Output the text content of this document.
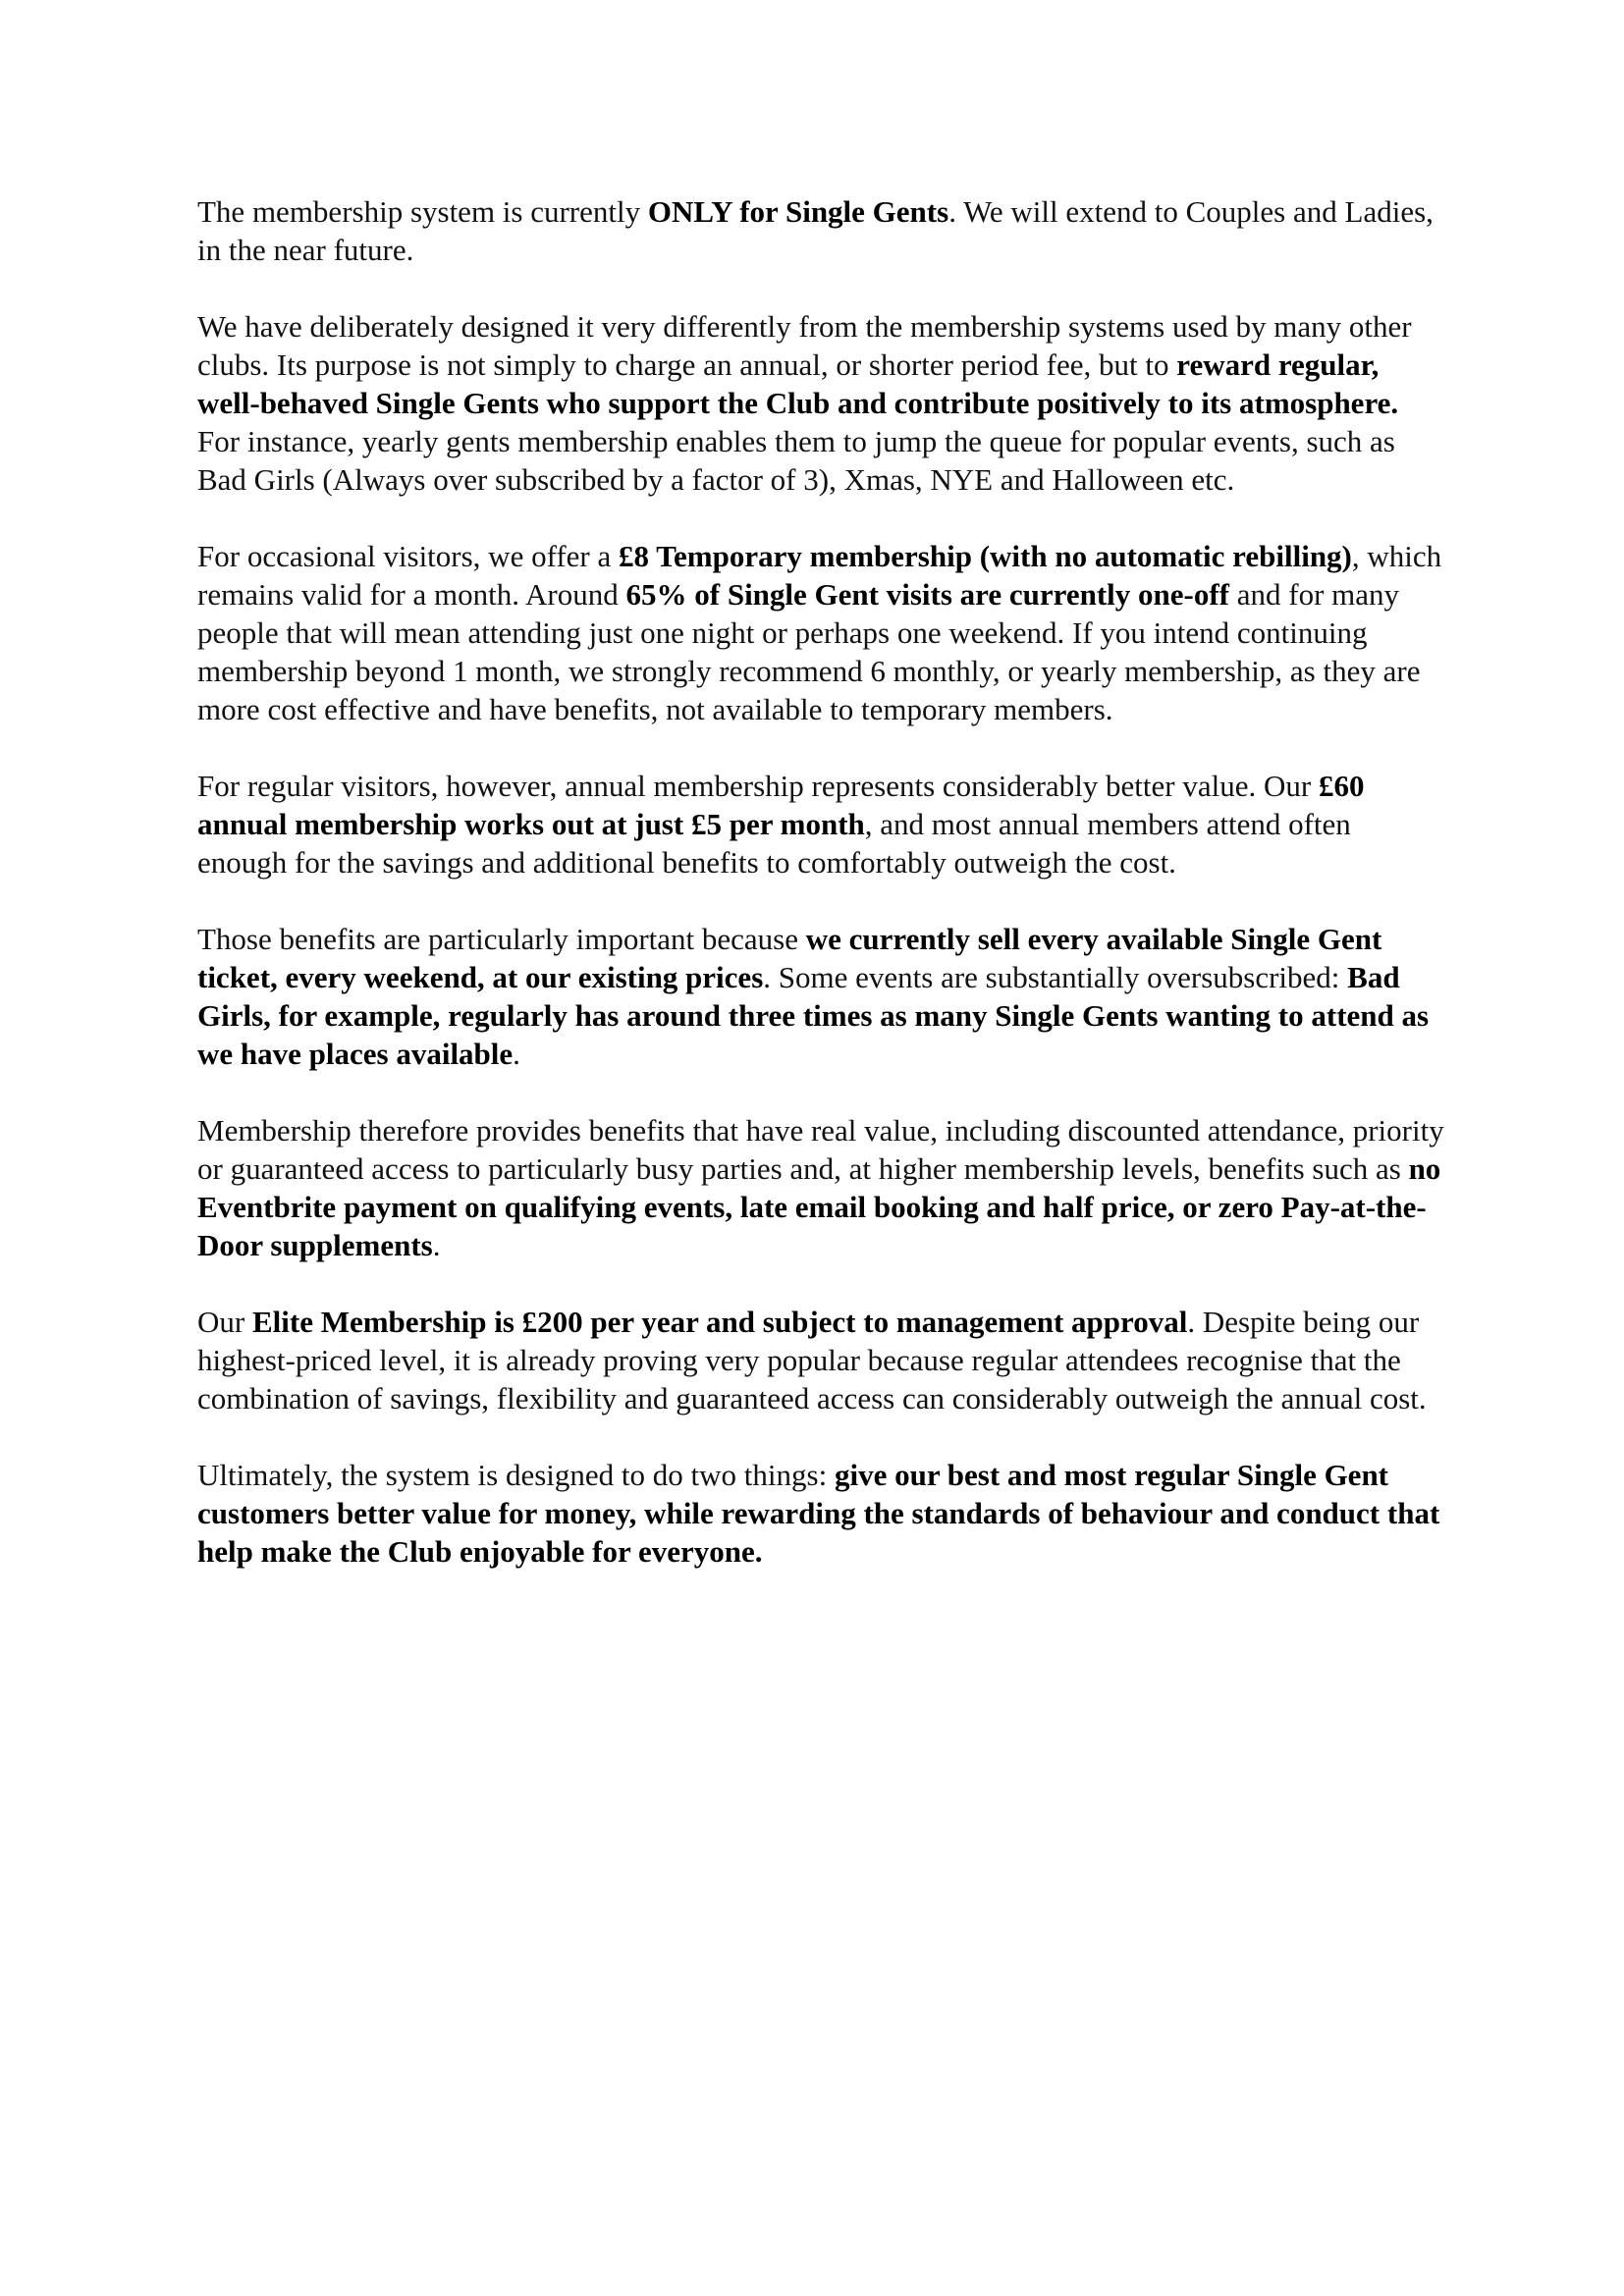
The membership system is currently ONLY for Single Gents. We will extend to Couples and Ladies, in the near future.

We have deliberately designed it very differently from the membership systems used by many other clubs. Its purpose is not simply to charge an annual, or shorter period fee, but to reward regular, well-behaved Single Gents who support the Club and contribute positively to its atmosphere. For instance, yearly gents membership enables them to jump the queue for popular events, such as Bad Girls (Always over subscribed by a factor of 3), Xmas, NYE and Halloween etc.

For occasional visitors, we offer a £8 Temporary membership (with no automatic rebilling), which remains valid for a month. Around 65% of Single Gent visits are currently one-off and for many people that will mean attending just one night or perhaps one weekend. If you intend continuing membership beyond 1 month, we strongly recommend 6 monthly, or yearly membership, as they are more cost effective and have benefits, not available to temporary members.

For regular visitors, however, annual membership represents considerably better value. Our £60 annual membership works out at just £5 per month, and most annual members attend often enough for the savings and additional benefits to comfortably outweigh the cost.

Those benefits are particularly important because we currently sell every available Single Gent ticket, every weekend, at our existing prices. Some events are substantially oversubscribed: Bad Girls, for example, regularly has around three times as many Single Gents wanting to attend as we have places available.

Membership therefore provides benefits that have real value, including discounted attendance, priority or guaranteed access to particularly busy parties and, at higher membership levels, benefits such as no Eventbrite payment on qualifying events, late email booking and half price, or zero Pay-at-the-Door supplements.

Our Elite Membership is £200 per year and subject to management approval. Despite being our highest-priced level, it is already proving very popular because regular attendees recognise that the combination of savings, flexibility and guaranteed access can considerably outweigh the annual cost.

Ultimately, the system is designed to do two things: give our best and most regular Single Gent customers better value for money, while rewarding the standards of behaviour and conduct that help make the Club enjoyable for everyone.
